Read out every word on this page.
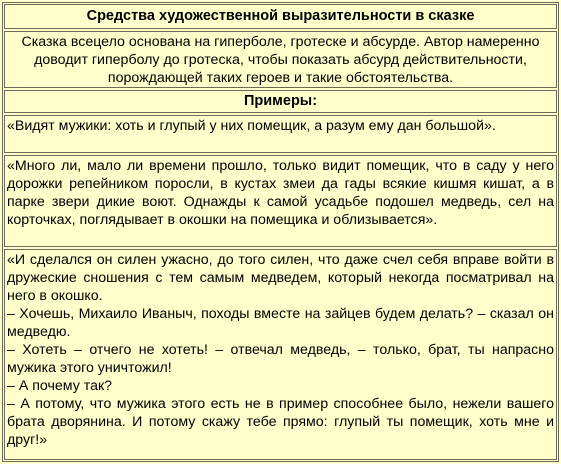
Средства художественной выразительности в сказке

Сказка всецело основана на гиперболе, гротеске и абсурде. Автор намеренно доводит гиперболу до гротеска, чтобы показать абсурд действительности, порождающей таких героев и такие обстоятельства.

Примеры:

«Видят мужики: хоть и глупый у них помещик, а разум ему дан большой».

«Много ли, мало ли времени прошло, только видит помещик, что в саду у него дорожки репейником поросли, в кустах змеи да гады всякие кишмя кишат, а в парке звери дикие воют. Однажды к самой усадьбе подошел медведь, сел на корточках, поглядывает в окошки на помещика и облизывается».

«И сделался он силен ужасно, до того силен, что даже счел себя вправе войти в дружеские сношения с тем самым медведем, который некогда посматривал на него в окошко.
– Хочешь, Михаило Иваныч, походы вместе на зайцев будем делать? – сказал он медведю.
– Хотеть – отчего не хотеть! – отвечал медведь, – только, брат, ты напрасно мужика этого уничтожил!
– А почему так?
– А потому, что мужика этого есть не в пример способнее было, нежели вашего брата дворянина. И потому скажу тебе прямо: глупый ты помещик, хоть мне и друг!»
